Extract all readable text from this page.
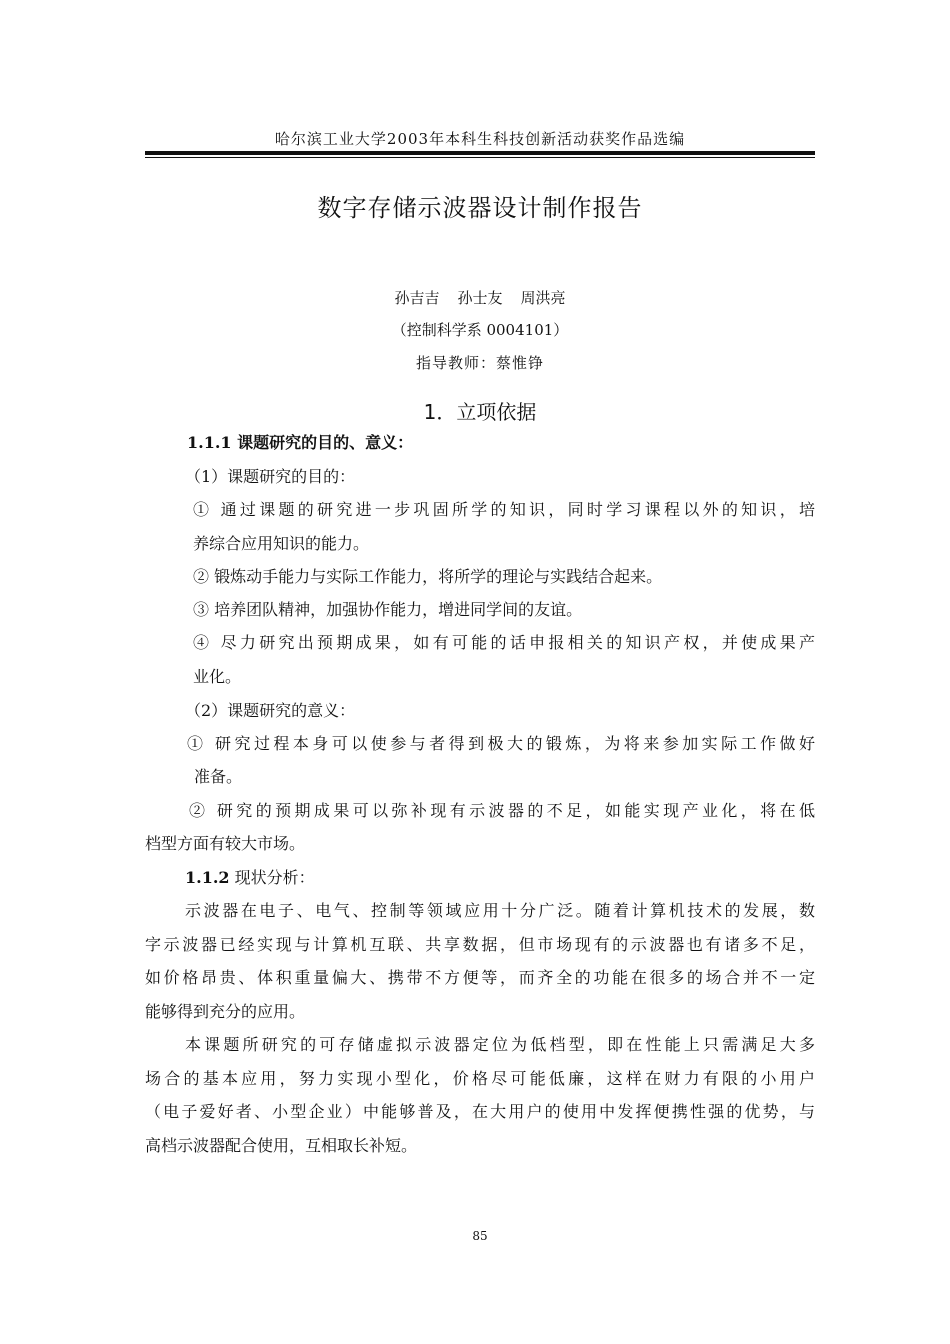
哈尔滨工业大学2003年本科生科技创新活动获奖作品选编
数字存储示波器设计制作报告
孙吉吉 孙士友 周洪亮
（控制科学系 0004101）
指导教师：蔡惟铮
1．立项依据
1.1.1 课题研究的目的、意义：
（1）课题研究的目的：
① 通过课题的研究进一步巩固所学的知识，同时学习课程以外的知识，培
养综合应用知识的能力。
② 锻炼动手能力与实际工作能力，将所学的理论与实践结合起来。
③ 培养团队精神，加强协作能力，增进同学间的友谊。
④ 尽力研究出预期成果，如有可能的话申报相关的知识产权，并使成果产
业化。
（2）课题研究的意义：
① 研究过程本身可以使参与者得到极大的锻炼，为将来参加实际工作做好
准备。
② 研究的预期成果可以弥补现有示波器的不足，如能实现产业化，将在低
档型方面有较大市场。
1.1.2 现状分析：
示波器在电子、电气、控制等领域应用十分广泛。随着计算机技术的发展，数
字示波器已经实现与计算机互联、共享数据，但市场现有的示波器也有诸多不足，
如价格昂贵、体积重量偏大、携带不方便等，而齐全的功能在很多的场合并不一定
能够得到充分的应用。
本课题所研究的可存储虚拟示波器定位为低档型，即在性能上只需满足大多
场合的基本应用，努力实现小型化，价格尽可能低廉，这样在财力有限的小用户
（电子爱好者、小型企业）中能够普及，在大用户的使用中发挥便携性强的优势，与
高档示波器配合使用，互相取长补短。
85
